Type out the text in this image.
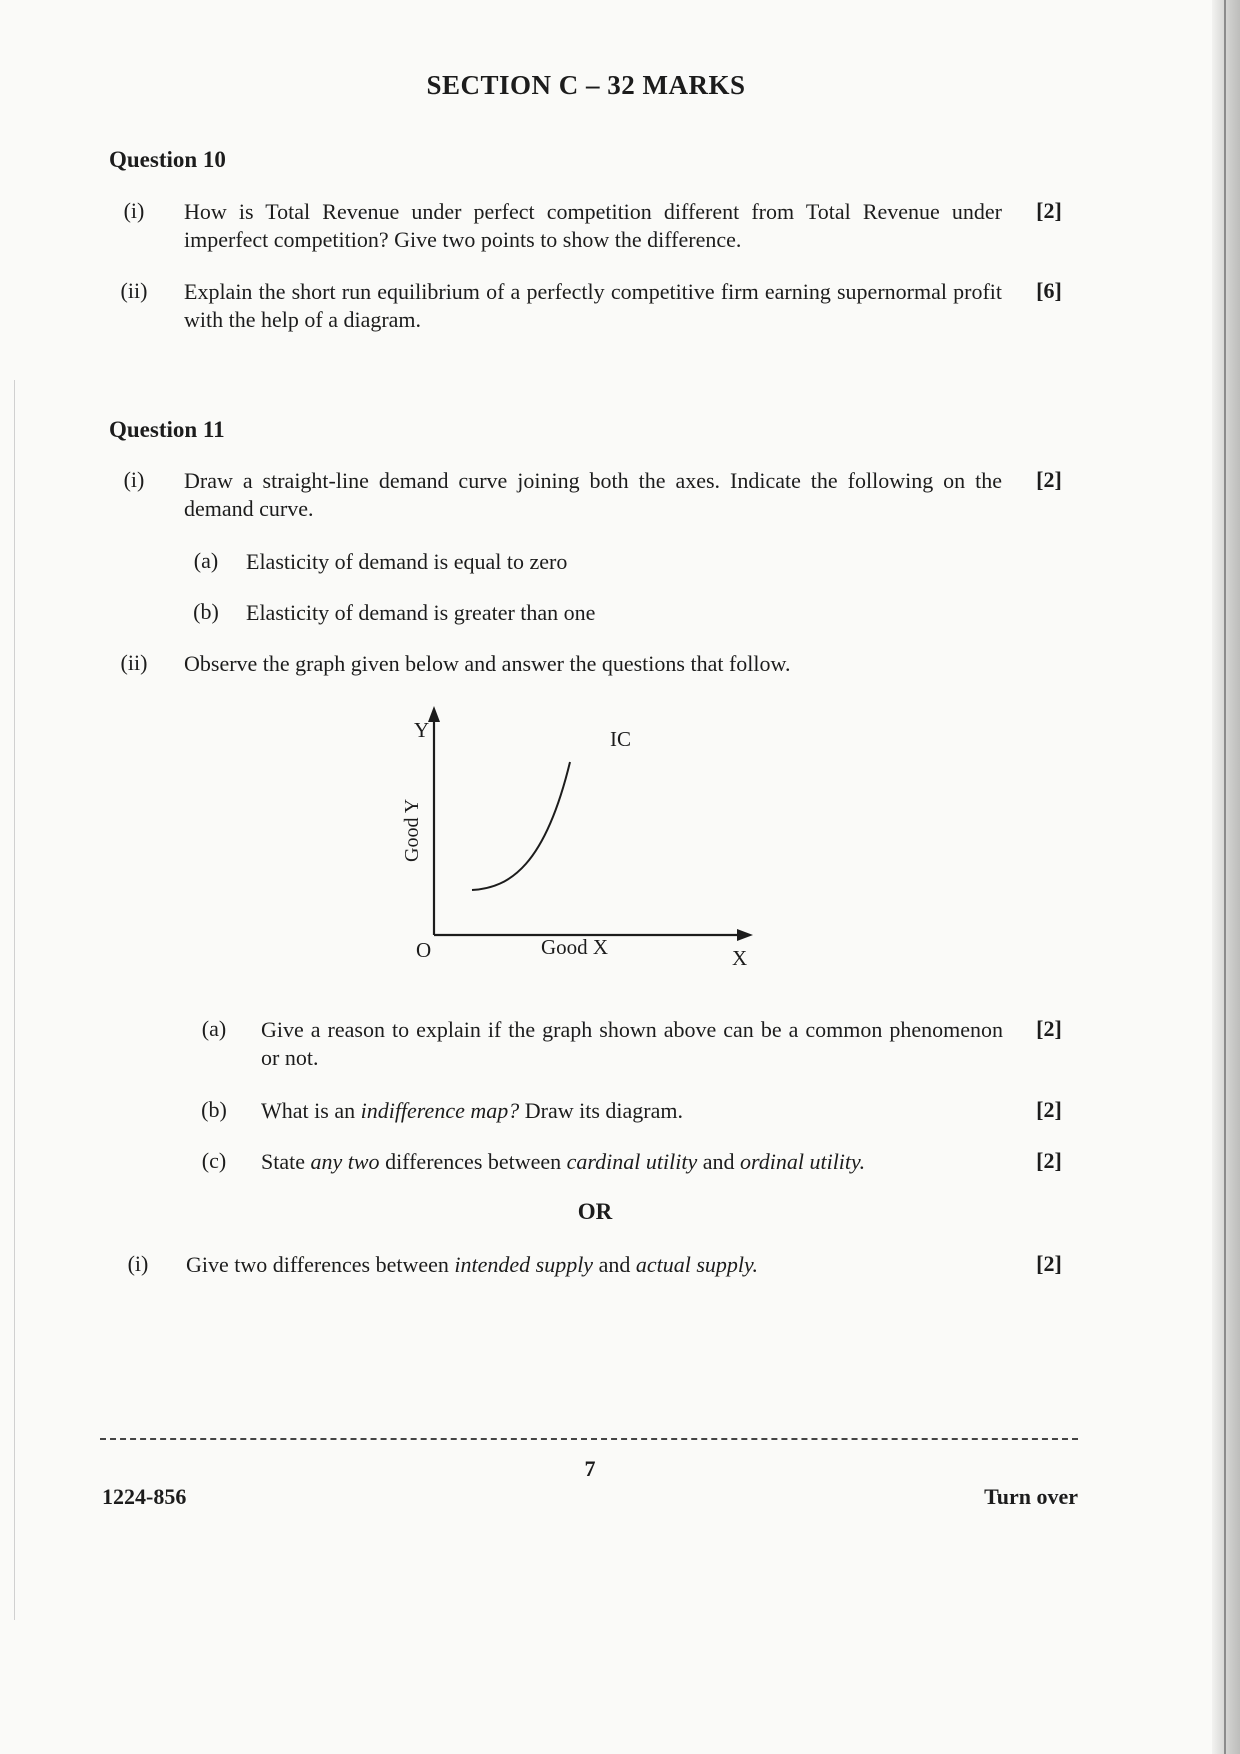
SECTION C – 32 MARKS
Question 10
(i)	How is Total Revenue under perfect competition different from Total Revenue under imperfect competition? Give two points to show the difference.
[2]
(ii)	Explain the short run equilibrium of a perfectly competitive firm earning supernormal profit with the help of a diagram.
[6]
Question 11
(i)	Draw a straight-line demand curve joining both the axes. Indicate the following on the demand curve.
[2]
(a)	Elasticity of demand is equal to zero
(b)	Elasticity of demand is greater than one
(ii)	Observe the graph given below and answer the questions that follow.
Y	IC
O	Good X	X
Good Y
(a)	Give a reason to explain if the graph shown above can be a common phenomenon or not.
[2]
(b)	What is an indifference map? Draw its diagram.	[2]
(c)	State any two differences between cardinal utility and ordinal utility.	[2]
OR
(i)	Give two differences between intended supply and actual supply.	[2]
7
1224-856	Turn over
